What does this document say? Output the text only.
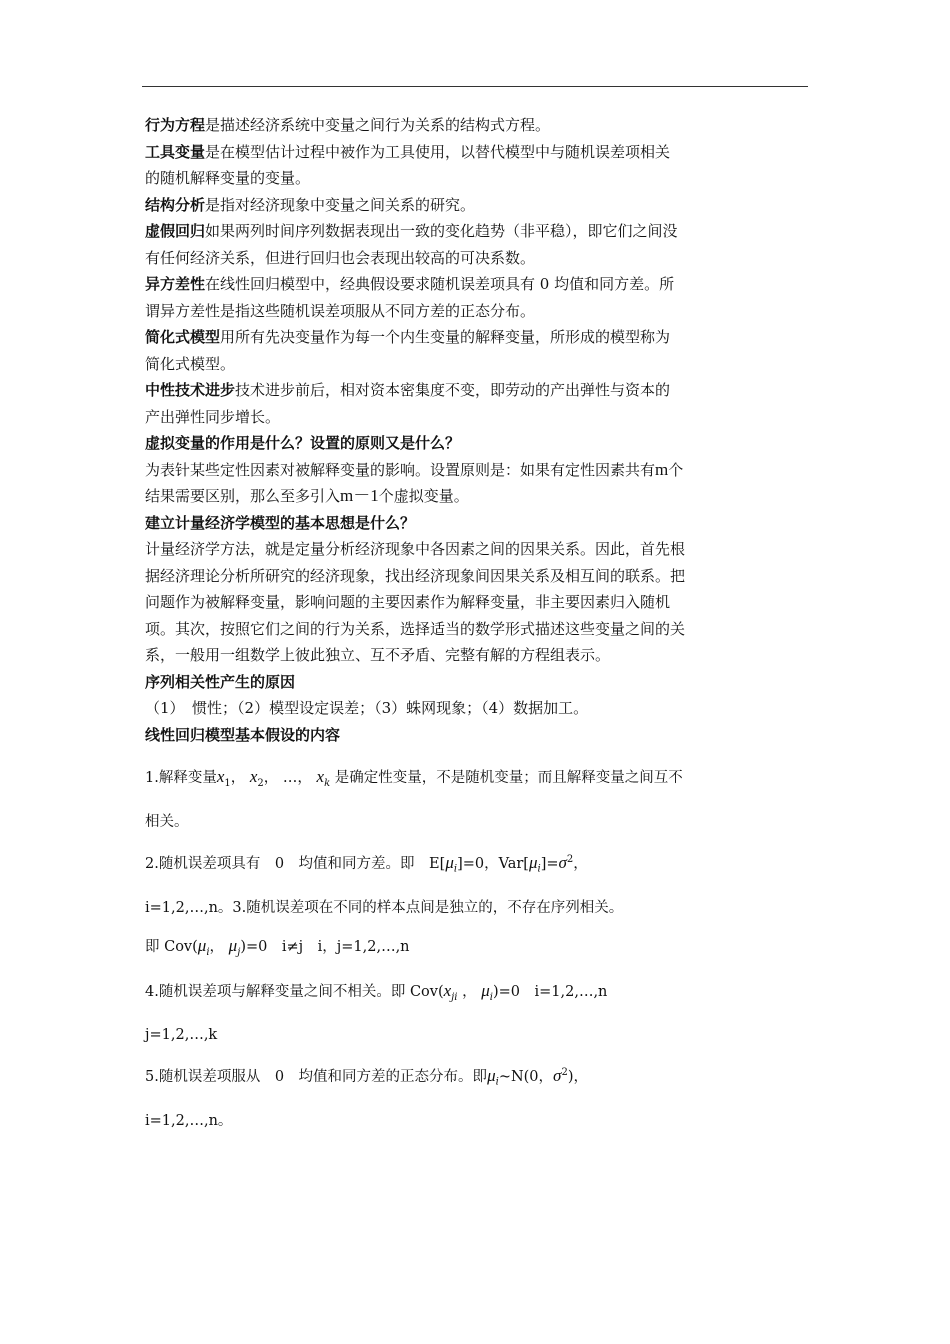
行为方程是描述经济系统中变量之间行为关系的结构式方程。

工具变量是在模型估计过程中被作为工具使用，以替代模型中与随机误差项相关的随机解释变量的变量。

结构分析是指对经济现象中变量之间关系的研究。

虚假回归如果两列时间序列数据表现出一致的变化趋势（非平稳），即它们之间没有任何经济关系，但进行回归也会表现出较高的可决系数。

异方差性在线性回归模型中，经典假设要求随机误差项具有 0 均值和同方差。所谓异方差性是指这些随机误差项服从不同方差的正态分布。

简化式模型用所有先决变量作为每一个内生变量的解释变量，所形成的模型称为简化式模型。

中性技术进步技术进步前后，相对资本密集度不变，即劳动的产出弹性与资本的产出弹性同步增长。

虚拟变量的作用是什么？设置的原则又是什么？

为表针某些定性因素对被解释变量的影响。设置原则是：如果有定性因素共有m个结果需要区别，那么至多引入m－1个虚拟变量。

建立计量经济学模型的基本思想是什么？

计量经济学方法，就是定量分析经济现象中各因素之间的因果关系。因此，首先根据经济理论分析所研究的经济现象，找出经济现象间因果关系及相互间的联系。把问题作为被解释变量，影响问题的主要因素作为解释变量，非主要因素归入随机项。其次，按照它们之间的行为关系，选择适当的数学形式描述这些变量之间的关系，一般用一组数学上彼此独立、互不矛盾、完整有解的方程组表示。

序列相关性产生的原因

（1）　惯性；（2）模型设定误差；（3）蛛网现象；（4）数据加工。

线性回归模型基本假设的内容

1.解释变量$x_1$， $x_2$， …， $x_k$ 是确定性变量，不是随机变量；而且解释变量之间互不相关。

2.随机误差项具有　0　均值和同方差。即　$E[\mu_i]=0$，$Var[\mu_i]=\sigma^2$，

i=1,2,…,n。3.随机误差项在不同的样本点间是独立的，不存在序列相关。

即 $Cov(\mu_i$， $\mu_j)=0$　i≠j　i，j=1,2,…,n

4.随机误差项与解释变量之间不相关。即 $Cov(x_{ji}$ ， $\mu_i)=0$　i=1,2,…,n

j=1,2,…,k

5.随机误差项服从　0　均值和同方差的正态分布。即$\mu_i\sim N(0$，$\sigma^2$)，

i=1,2,…,n。
